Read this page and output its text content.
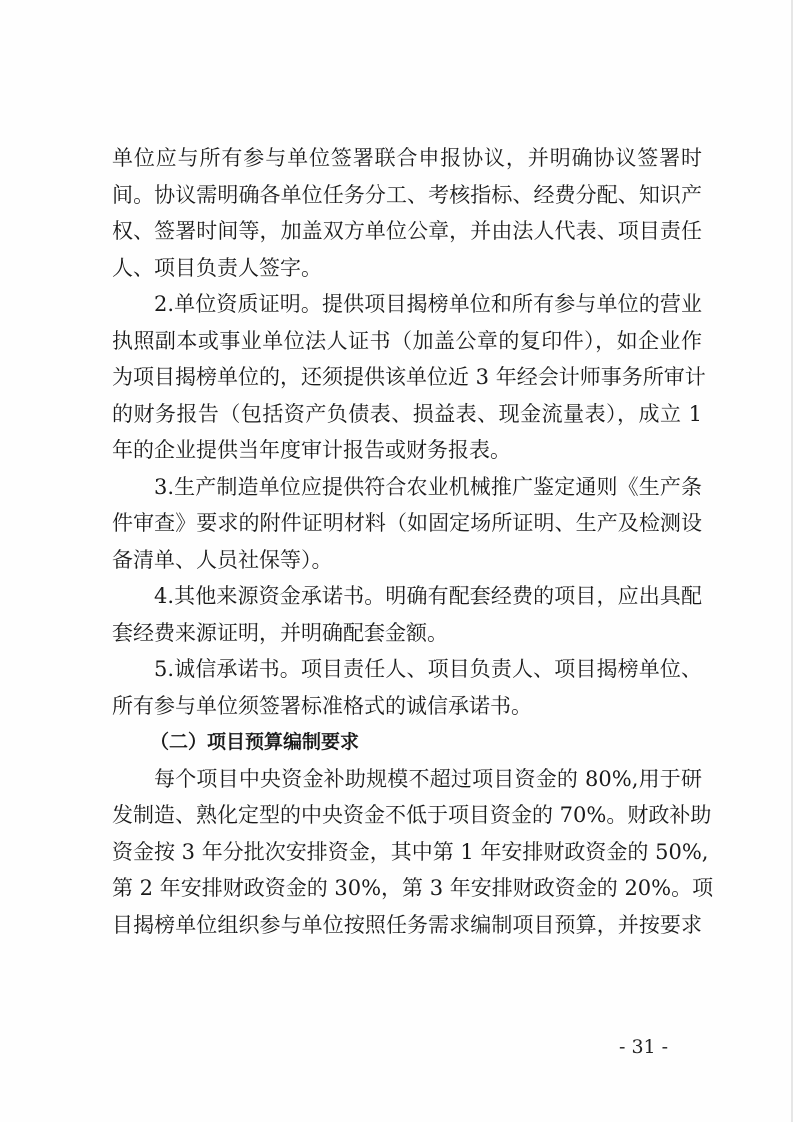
单位应与所有参与单位签署联合申报协议，并明确协议签署时
间。协议需明确各单位任务分工、考核指标、经费分配、知识产
权、签署时间等，加盖双方单位公章，并由法人代表、项目责任
人、项目负责人签字。
2.单位资质证明。提供项目揭榜单位和所有参与单位的营业
执照副本或事业单位法人证书（加盖公章的复印件），如企业作
为项目揭榜单位的，还须提供该单位近 3 年经会计师事务所审计
的财务报告（包括资产负债表、损益表、现金流量表），成立 1
年的企业提供当年度审计报告或财务报表。
3.生产制造单位应提供符合农业机械推广鉴定通则《生产条
件审查》要求的附件证明材料（如固定场所证明、生产及检测设
备清单、人员社保等）。
4.其他来源资金承诺书。明确有配套经费的项目，应出具配
套经费来源证明，并明确配套金额。
5.诚信承诺书。项目责任人、项目负责人、项目揭榜单位、
所有参与单位须签署标准格式的诚信承诺书。
（二）项目预算编制要求
每个项目中央资金补助规模不超过项目资金的 80%,用于研
发制造、熟化定型的中央资金不低于项目资金的 70%。财政补助
资金按 3 年分批次安排资金，其中第 1 年安排财政资金的 50%,
第 2 年安排财政资金的 30%，第 3 年安排财政资金的 20%。项
目揭榜单位组织参与单位按照任务需求编制项目预算，并按要求
- 31 -
